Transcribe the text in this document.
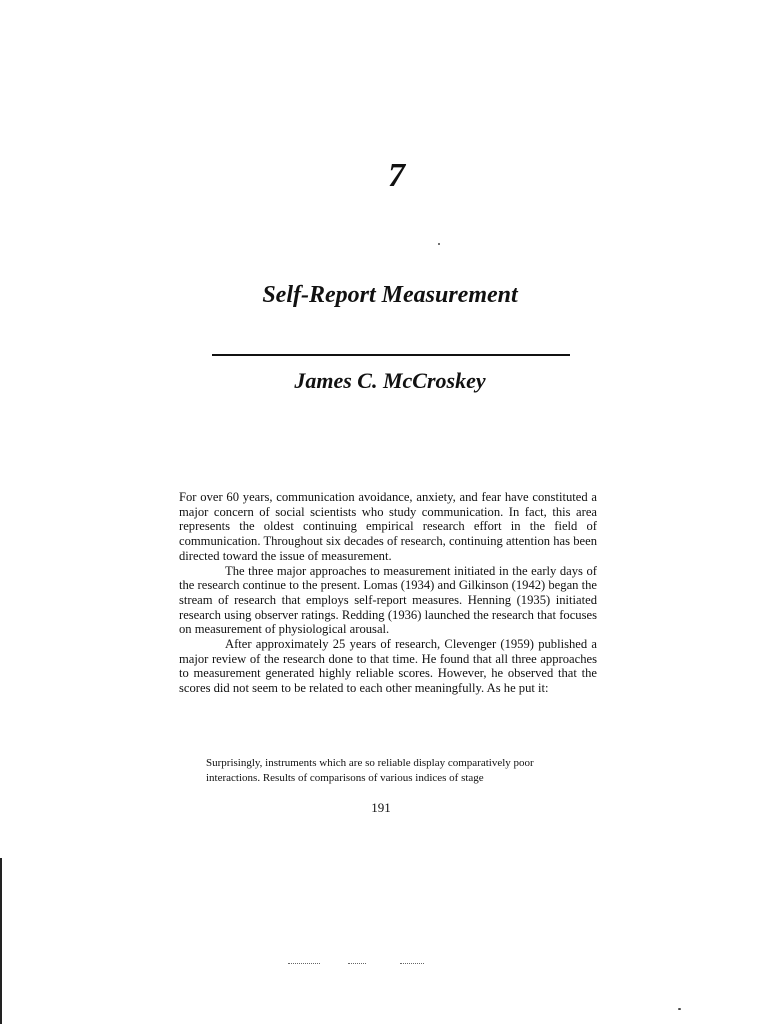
7
Self-Report Measurement
James C. McCroskey

For over 60 years, communication avoidance, anxiety, and fear have constituted a major concern of social scientists who study communication. In fact, this area represents the oldest continuing empirical research effort in the field of communication. Throughout six decades of research, continuing attention has been directed toward the issue of measurement.

The three major approaches to measurement initiated in the early days of the research continue to the present. Lomas (1934) and Gilkinson (1942) began the stream of research that employs self-report measures. Henning (1935) initiated research using observer ratings. Redding (1936) launched the research that focuses on measurement of physiological arousal.

After approximately 25 years of research, Clevenger (1959) published a major review of the research done to that time. He found that all three approaches to measurement generated highly reliable scores. However, he observed that the scores did not seem to be related to each other meaningfully. As he put it:

Surprisingly, instruments which are so reliable display comparatively poor interactions. Results of comparisons of various indices of stage

191
